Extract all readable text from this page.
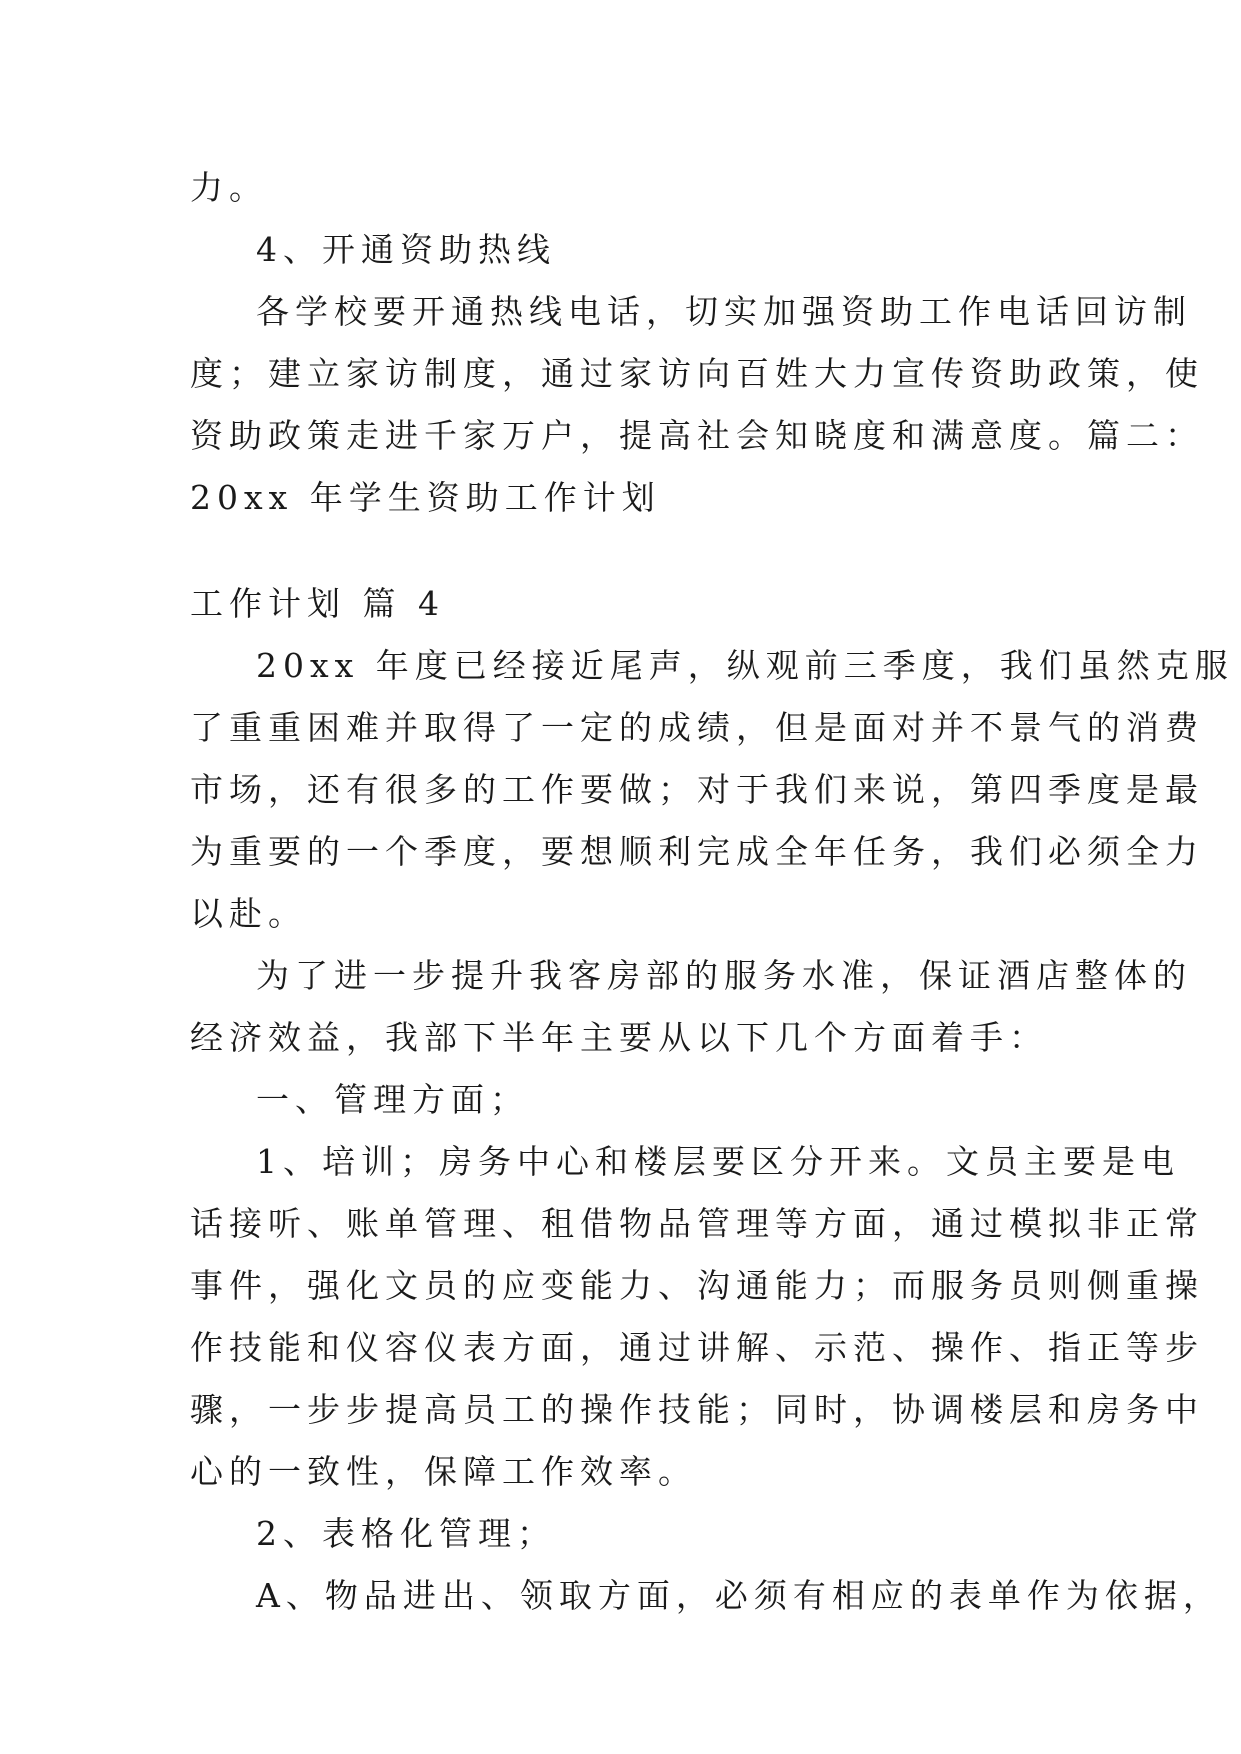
力。
4、开通资助热线
各学校要开通热线电话，切实加强资助工作电话回访制
度；建立家访制度，通过家访向百姓大力宣传资助政策，使
资助政策走进千家万户，提高社会知晓度和满意度。篇二：
20xx 年学生资助工作计划
工作计划 篇 4
20xx 年度已经接近尾声，纵观前三季度，我们虽然克服
了重重困难并取得了一定的成绩，但是面对并不景气的消费
市场，还有很多的工作要做；对于我们来说，第四季度是最
为重要的一个季度，要想顺利完成全年任务，我们必须全力
以赴。
为了进一步提升我客房部的服务水准，保证酒店整体的
经济效益，我部下半年主要从以下几个方面着手：
一、管理方面；
1、培训；房务中心和楼层要区分开来。文员主要是电
话接听、账单管理、租借物品管理等方面，通过模拟非正常
事件，强化文员的应变能力、沟通能力；而服务员则侧重操
作技能和仪容仪表方面，通过讲解、示范、操作、指正等步
骤，一步步提高员工的操作技能；同时，协调楼层和房务中
心的一致性，保障工作效率。
2、表格化管理；
A、物品进出、领取方面，必须有相应的表单作为依据，
